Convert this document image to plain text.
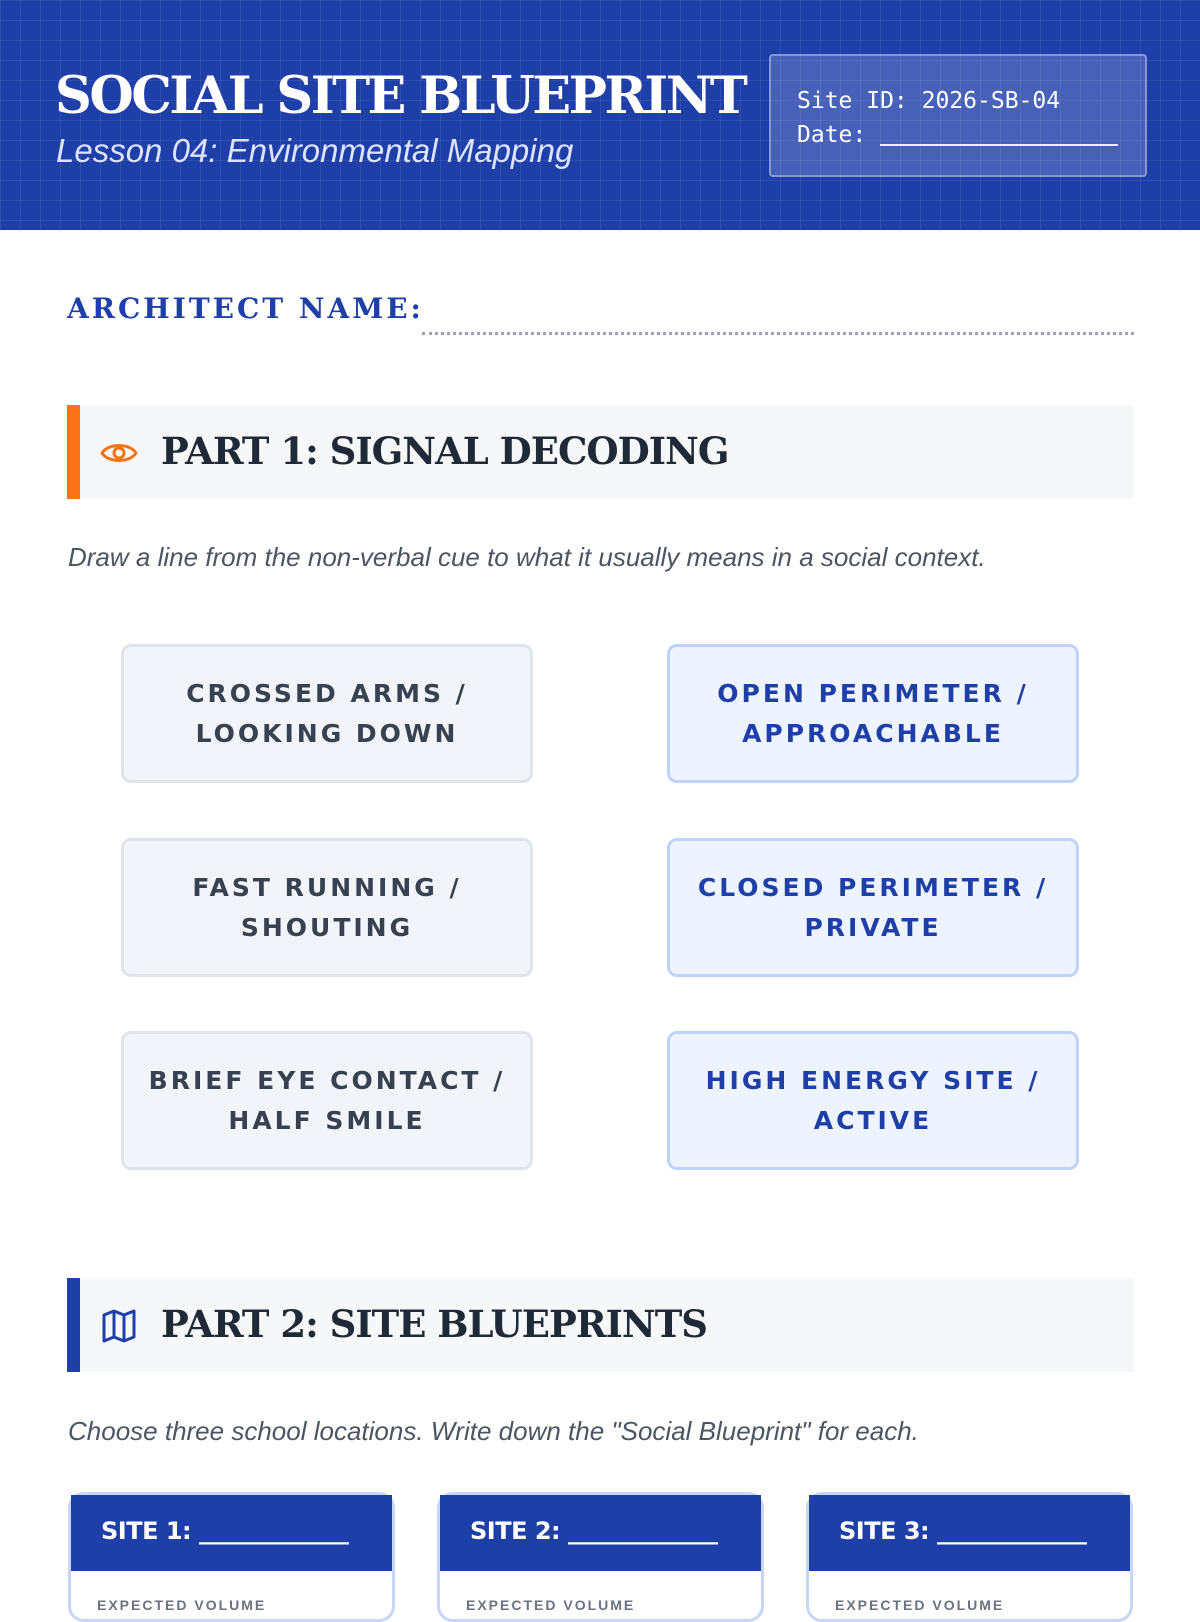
SOCIAL SITE BLUEPRINT
Lesson 04: Environmental Mapping
Site ID: 2026-SB-04
Date:
ARCHITECT NAME:
PART 1: SIGNAL DECODING
Draw a line from the non-verbal cue to what it usually means in a social context.
CROSSED ARMS /
LOOKING DOWN
FAST RUNNING /
SHOUTING
BRIEF EYE CONTACT /
HALF SMILE
OPEN PERIMETER /
APPROACHABLE
CLOSED PERIMETER /
PRIVATE
HIGH ENERGY SITE /
ACTIVE
PART 2: SITE BLUEPRINTS
Choose three school locations. Write down the "Social Blueprint" for each.
SITE 1: _____________
EXPECTED VOLUME
SITE 2: _____________
EXPECTED VOLUME
SITE 3: _____________
EXPECTED VOLUME
